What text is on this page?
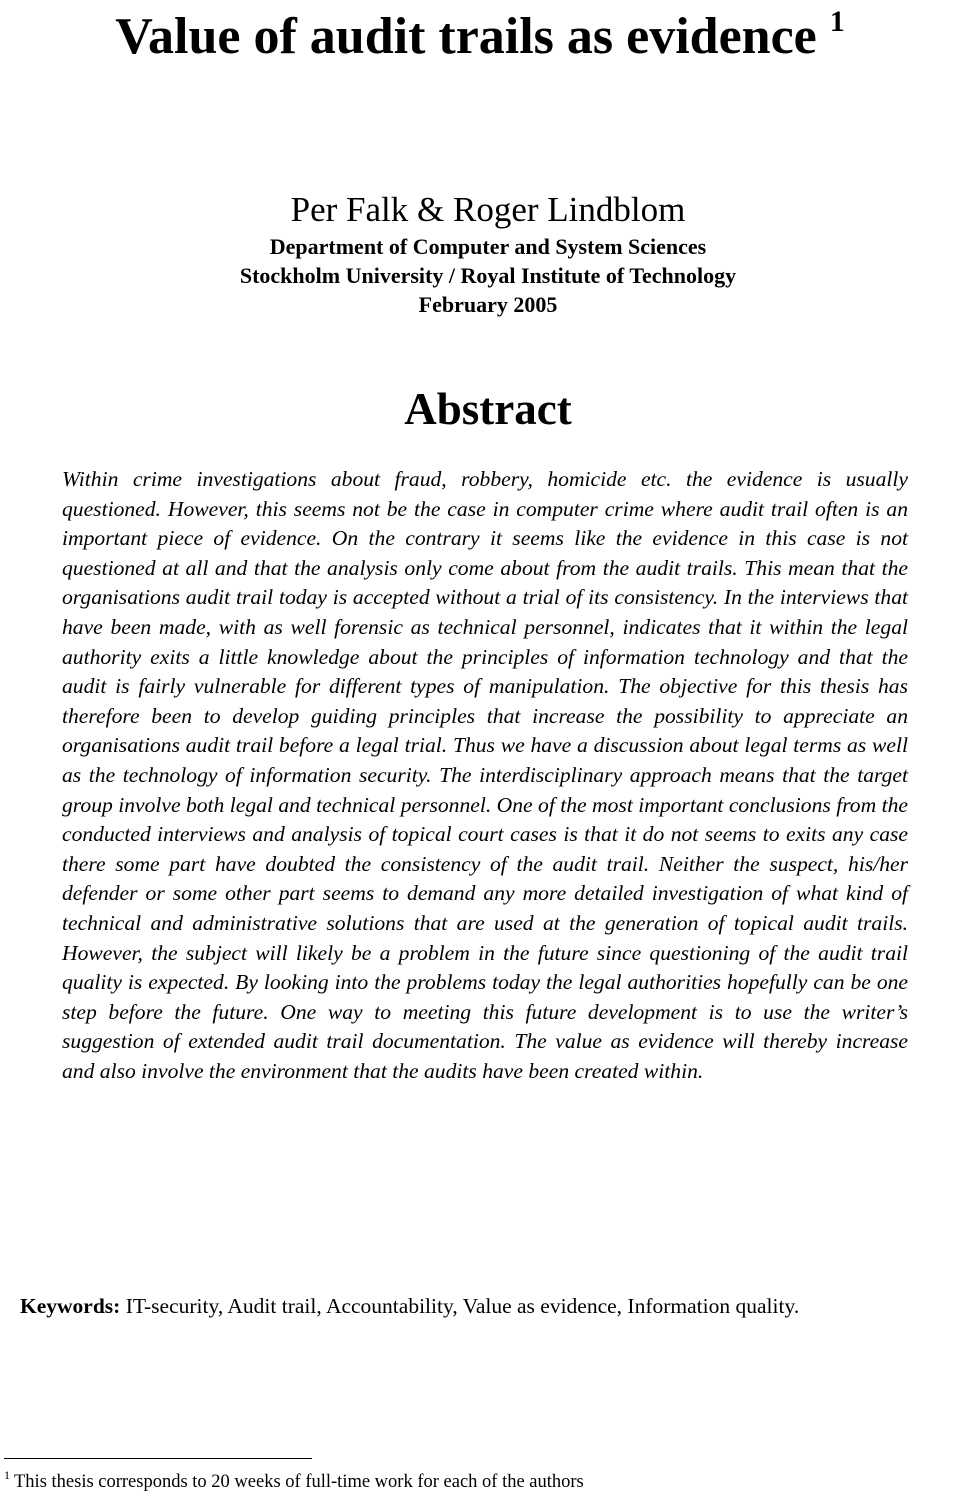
Value of audit trails as evidence $^1$
Per Falk & Roger Lindblom

Department of Computer and System Sciences

Stockholm University / Royal Institute of Technology

February 2005

Abstract

Within crime investigations about fraud, robbery, homicide etc. the evidence is usually questioned. However, this seems not be the case in computer crime where audit trail often is an important piece of evidence. On the contrary it seems like the evidence in this case is not questioned at all and that the analysis only come about from the audit trails. This mean that the organisations audit trail today is accepted without a trial of its consistency. In the interviews that have been made, with as well forensic as technical personnel, indicates that it within the legal authority exits a little knowledge about the principles of information technology and that the audit is fairly vulnerable for different types of manipulation. The objective for this thesis has therefore been to develop guiding principles that increase the possibility to appreciate an organisations audit trail before a legal trial. Thus we have a discussion about legal terms as well as the technology of information security. The interdisciplinary approach means that the target group involve both legal and technical personnel. One of the most important conclusions from the conducted interviews and analysis of topical court cases is that it do not seems to exits any case there some part have doubted the consistency of the audit trail. Neither the suspect, his/her defender or some other part seems to demand any more detailed investigation of what kind of technical and administrative solutions that are used at the generation of topical audit trails. However, the subject will likely be a problem in the future since questioning of the audit trail quality is expected. By looking into the problems today the legal authorities hopefully can be one step before the future. One way to meeting this future development is to use the writer’s suggestion of extended audit trail documentation. The value as evidence will thereby increase and also involve the environment that the audits have been created within.

Keywords: IT-security, Audit trail, Accountability, Value as evidence, Information quality.

$^1$ This thesis corresponds to 20 weeks of full-time work for each of the authors
